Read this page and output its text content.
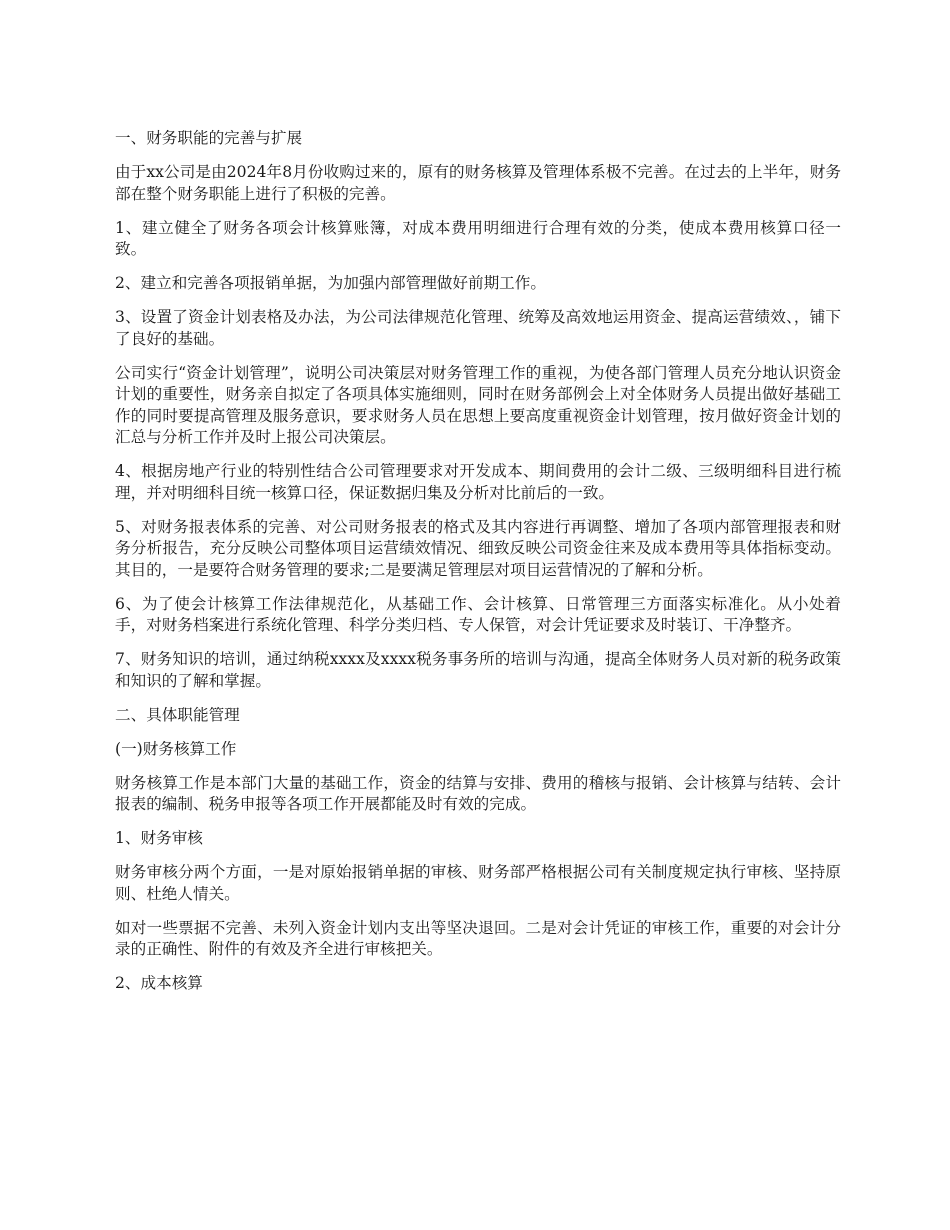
一、财务职能的完善与扩展

由于xx公司是由2024年8月份收购过来的，原有的财务核算及管理体系极不完善。在过去的上半年，财务部在整个财务职能上进行了积极的完善。

1、建立健全了财务各项会计核算账簿，对成本费用明细进行合理有效的分类，使成本费用核算口径一致。

2、建立和完善各项报销单据，为加强内部管理做好前期工作。

3、设置了资金计划表格及办法，为公司法律规范化管理、统筹及高效地运用资金、提高运营绩效、，铺下了良好的基础。

公司实行“资金计划管理”，说明公司决策层对财务管理工作的重视，为使各部门管理人员充分地认识资金计划的重要性，财务亲自拟定了各项具体实施细则，同时在财务部例会上对全体财务人员提出做好基础工作的同时要提高管理及服务意识，要求财务人员在思想上要高度重视资金计划管理，按月做好资金计划的汇总与分析工作并及时上报公司决策层。

4、根据房地产行业的特别性结合公司管理要求对开发成本、期间费用的会计二级、三级明细科目进行梳理，并对明细科目统一核算口径，保证数据归集及分析对比前后的一致。

5、对财务报表体系的完善、对公司财务报表的格式及其内容进行再调整、增加了各项内部管理报表和财务分析报告，充分反映公司整体项目运营绩效情况、细致反映公司资金往来及成本费用等具体指标变动。其目的，一是要符合财务管理的要求;二是要满足管理层对项目运营情况的了解和分析。

6、为了使会计核算工作法律规范化，从基础工作、会计核算、日常管理三方面落实标准化。从小处着手，对财务档案进行系统化管理、科学分类归档、专人保管，对会计凭证要求及时装订、干净整齐。

7、财务知识的培训，通过纳税xxxx及xxxx税务事务所的培训与沟通，提高全体财务人员对新的税务政策和知识的了解和掌握。

二、具体职能管理

(一)财务核算工作

财务核算工作是本部门大量的基础工作，资金的结算与安排、费用的稽核与报销、会计核算与结转、会计报表的编制、税务申报等各项工作开展都能及时有效的完成。

1、财务审核

财务审核分两个方面，一是对原始报销单据的审核、财务部严格根据公司有关制度规定执行审核、坚持原则、杜绝人情关。

如对一些票据不完善、未列入资金计划内支出等坚决退回。二是对会计凭证的审核工作，重要的对会计分录的正确性、附件的有效及齐全进行审核把关。

2、成本核算
